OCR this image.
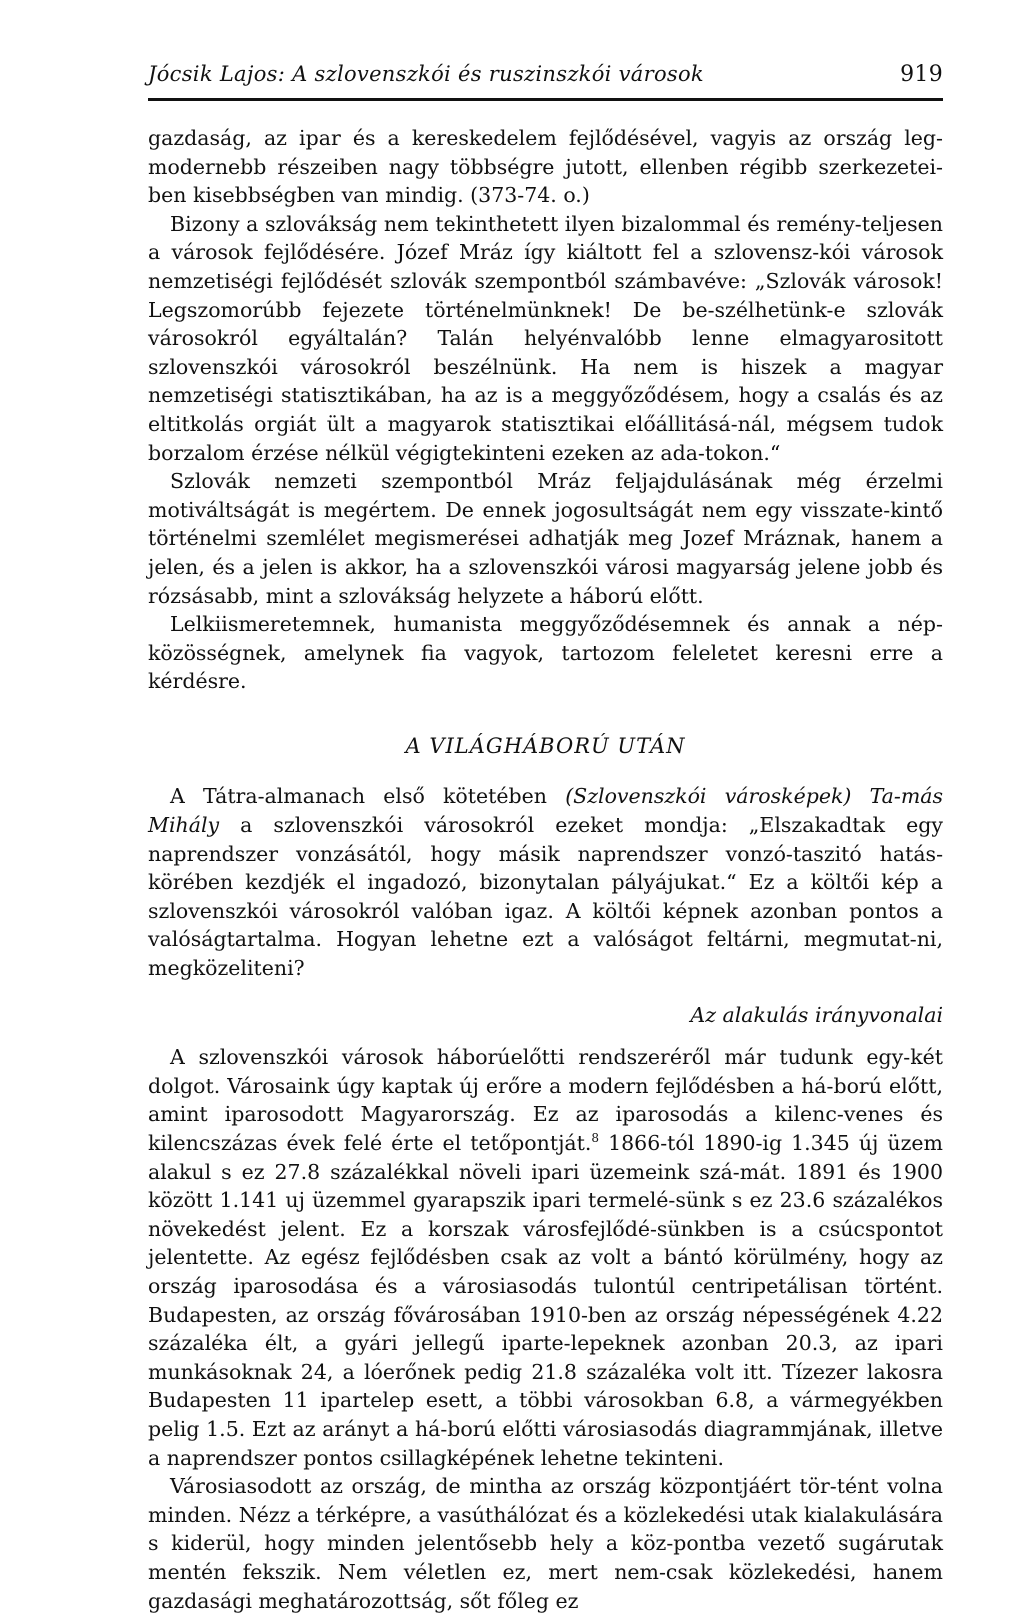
Jócsik Lajos: A szlovenszkói és ruszinszkói városok	919

gazdaság, az ipar és a kereskedelem fejlődésével, vagyis az ország leg-modernebb részeiben nagy többségre jutott, ellenben régibb szerkezetei-ben kisebbségben van mindig. (373-74. o.)

Bizony a szlovákság nem tekinthetett ilyen bizalommal és remény-teljesen a városok fejlődésére. Józef Mráz így kiáltott fel a szlovensz-kói városok nemzetiségi fejlődését szlovák szempontból számbavéve: „Szlovák városok! Legszomorúbb fejezete történelmünknek! De be-szélhetünk-e szlovák városokról egyáltalán? Talán helyénvalóbb lenne elmagyarositott szlovenszkói városokról beszélnünk. Ha nem is hiszek a magyar nemzetiségi statisztikában, ha az is a meggyőződésem, hogy a csalás és az eltitkolás orgiát ült a magyarok statisztikai előállitásá-nál, mégsem tudok borzalom érzése nélkül végigtekinteni ezeken az ada-tokon.“

Szlovák nemzeti szempontból Mráz feljajdulásának még érzelmi motiváltságát is megértem. De ennek jogosultságát nem egy visszate-kintő történelmi szemlélet megismerései adhatják meg Jozef Mráznak, hanem a jelen, és a jelen is akkor, ha a szlovenszkói városi magyarság jelene jobb és rózsásabb, mint a szlovákság helyzete a háború előtt.

Lelkiismeretemnek, humanista meggyőződésemnek és annak a nép-közösségnek, amelynek fia vagyok, tartozom feleletet keresni erre a kérdésre.

A VILÁGHÁBORÚ UTÁN

A Tátra-almanach első kötetében (Szlovenszkói városképek) Ta-más Mihály a szlovenszkói városokról ezeket mondja: „Elszakadtak egy naprendszer vonzásától, hogy másik naprendszer vonzó-taszitó hatás-körében kezdjék el ingadozó, bizonytalan pályájukat.“ Ez a költői kép a szlovenszkói városokról valóban igaz. A költői képnek azonban pontos a valóságtartalma. Hogyan lehetne ezt a valóságot feltárni, megmutat-ni, megközeliteni?

Az alakulás irányvonalai

A szlovenszkói városok háborúelőtti rendszeréről már tudunk egy-két dolgot. Városaink úgy kaptak új erőre a modern fejlődésben a há-ború előtt, amint iparosodott Magyarország. Ez az iparosodás a kilenc-venes és kilencszázas évek felé érte el tetőpontját.$^8$ 1866-tól 1890-ig 1.345 új üzem alakul s ez 27.8 százalékkal növeli ipari üzemeink szá-mát. 1891 és 1900 között 1.141 uj üzemmel gyarapszik ipari termelé-sünk s ez 23.6 százalékos növekedést jelent. Ez a korszak városfejlődé-sünkben is a csúcspontot jelentette. Az egész fejlődésben csak az volt a bántó körülmény, hogy az ország iparosodása és a városiasodás tulontúl centripetálisan történt. Budapesten, az ország fővárosában 1910-ben az ország népességének 4.22 százaléka élt, a gyári jellegű iparte-lepeknek azonban 20.3, az ipari munkásoknak 24, a lóerőnek pedig 21.8 százaléka volt itt. Tízezer lakosra Budapesten 11 ipartelep esett, a többi városokban 6.8, a vármegyékben pelig 1.5. Ezt az arányt a há-ború előtti városiasodás diagrammjának, illetve a naprendszer pontos csillagképének lehetne tekinteni.

Városiasodott az ország, de mintha az ország központjáért tör-tént volna minden. Nézz a térképre, a vasúthálózat és a közlekedési utak kialakulására s kiderül, hogy minden jelentősebb hely a köz-pontba vezető sugárutak mentén fekszik. Nem véletlen ez, mert nem-csak közlekedési, hanem gazdasági meghatározottság, sőt főleg ez
